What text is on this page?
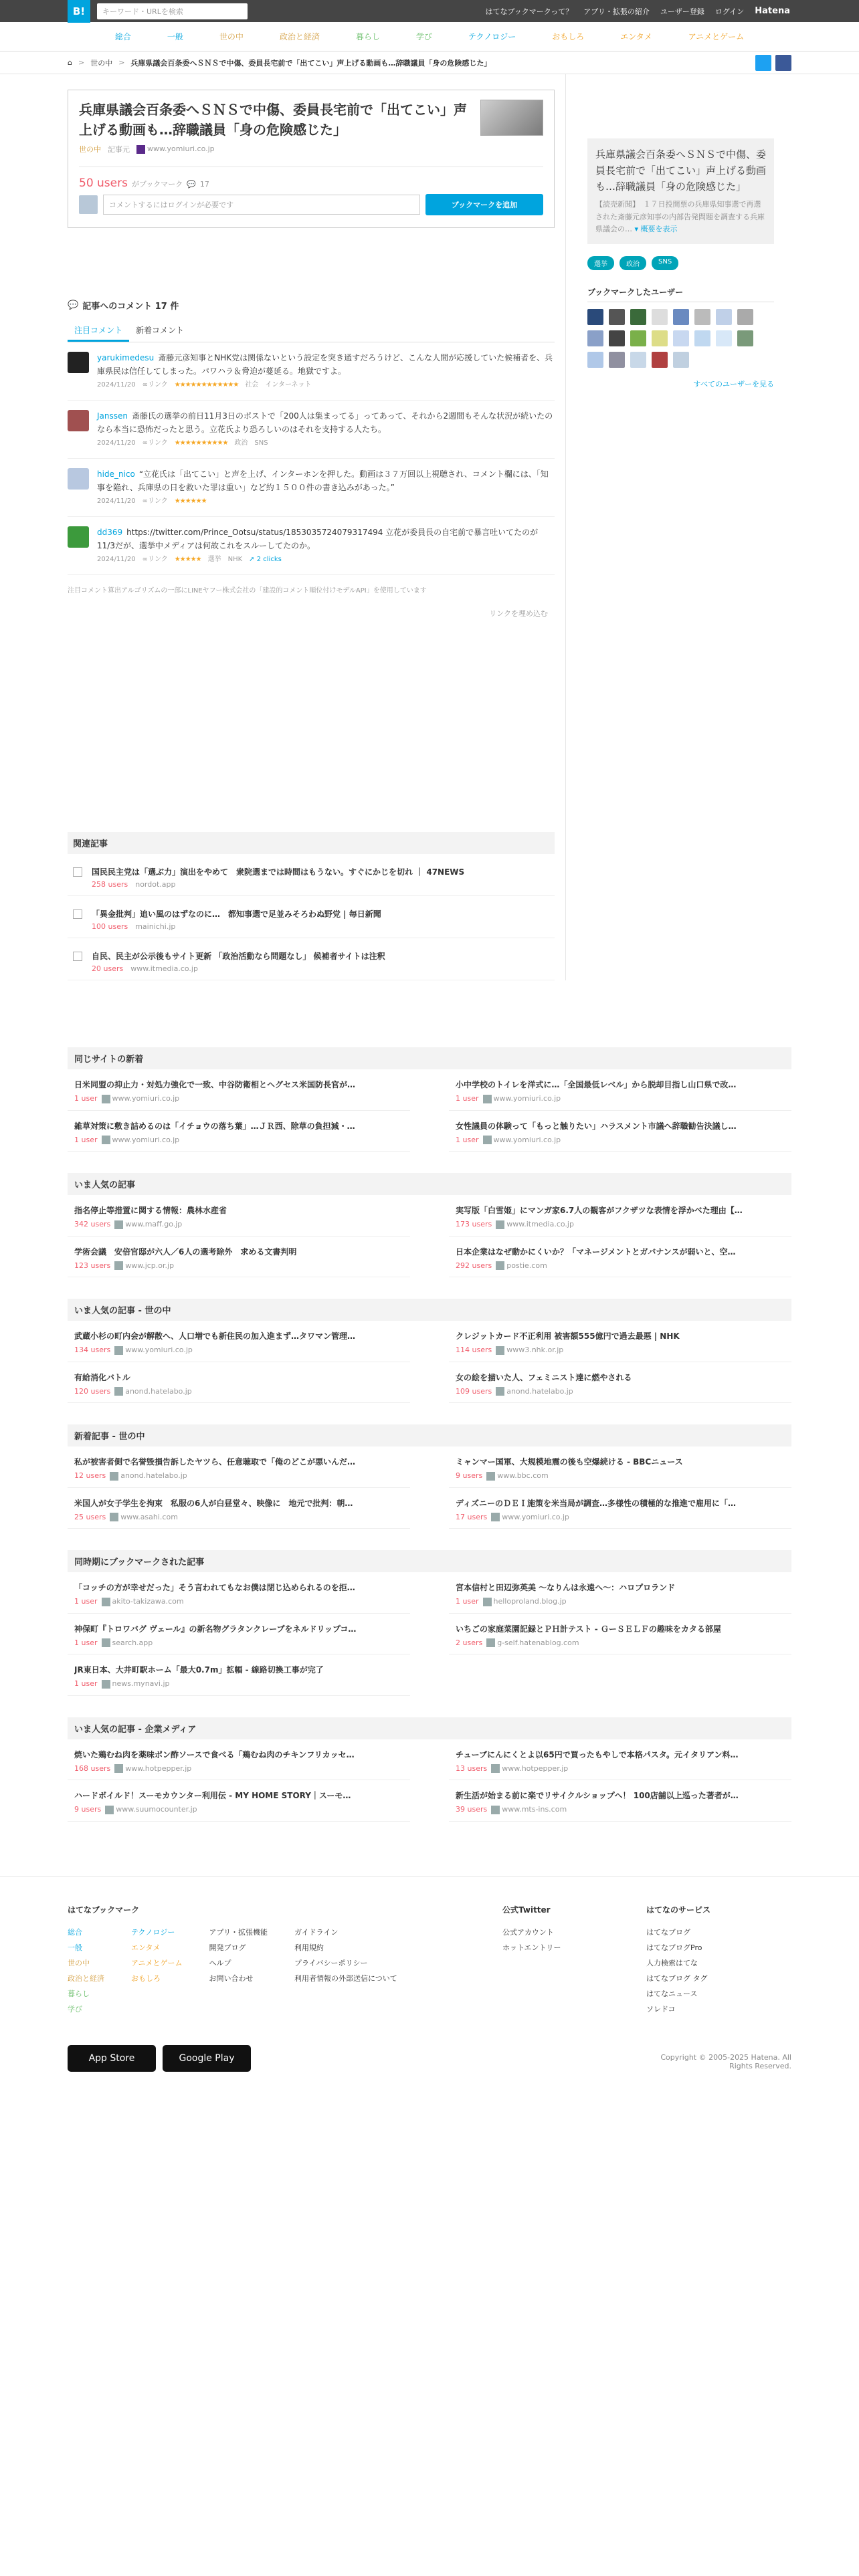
B!	キーワード・URLを検索	はてなブックマークって？ アプリ・拡張の紹介 ユーザー登録 ログイン Hatena
総合	一般	世の中	政治と経済	暮らし	学び	テクノロジー	おもしろ	エンタメ	アニメとゲーム
⌂ > 世の中 > 兵庫県議会百条委へＳＮＳで中傷、委員長宅前で「出てこい」声上げる動画も…辞職議員「身の危険感じた」
兵庫県議会百条委へＳＮＳで中傷、委員長宅前で「出てこい」声上げる動画も…辞職議員「身の危険感じた」
世の中 記事元	www.yomiuri.co.jp
50 users がブックマーク 💬 17
コメントするにはログインが必要です	ブックマークを追加
💬 記事へのコメント 17 件
注目コメント	新着コメント
yarukimedesu 斎藤元彦知事とNHK党は関係ないという設定を突き通すだろうけど、こんな人間が応援していた候補者を、兵庫県民は信任してしまった。パワハラ＆脅迫が蔓延る。地獄ですよ。
2024/11/20　∞リンク　★★★★★★★★★★★★　社会　インターネット
Janssen 斎藤氏の選挙の前日11月3日のポストで「200人は集まってる」ってあって、それから2週間もそんな状況が続いたのなら本当に恐怖だったと思う。立花氏より恐ろしいのはそれを支持する人たち。
2024/11/20　∞リンク　★★★★★★★★★★　政治　SNS
hide_nico “立花氏は「出てこい」と声を上げ、インターホンを押した。動画は３７万回以上視聴され、コメント欄には、「知事を陥れ、兵庫県の日を救いた罪は重い」など約１５００件の書き込みがあった。”
2024/11/20　∞リンク　★★★★★★
dd369 https://twitter.com/Prince_Ootsu/status/1853035724079317494 立花が委員長の自宅前で暴言吐いてたのが11/3だが、選挙中メディアは何故これをスルーしてたのか。
2024/11/20　∞リンク　★★★★★　選挙　NHK　➚ 2 clicks
注目コメント算出アルゴリズムの一部にLINEヤフー株式会社の「建設的コメント順位付けモデルAPI」を使用しています
リンクを埋め込む
関連記事
国民民主党は「選ぶ力」演出をやめて　衆院選までは時間はもうない。すぐにかじを切れ ｜ 47NEWS
258 users　nordot.app
「異金批判」追い風のはずなのに…　都知事選で足並みそろわぬ野党 | 毎日新聞
100 users　mainichi.jp
自民、民主が公示後もサイト更新 「政治活動なら問題なし」 候補者サイトは注釈
20 users　www.itmedia.co.jp
兵庫県議会百条委へＳＮＳで中傷、委員長宅前で「出てこい」声上げる動画も…辞職議員「身の危険感じた」
【読売新聞】　１７日投開票の兵庫県知事選で再選された斎藤元彦知事の内部告発問題を調査する兵庫県議会の… ▾ 概要を表示
選挙	政治	SNS
ブックマークしたユーザー
すべてのユーザーを見る
同じサイトの新着
日米同盟の抑止力・対処力強化で一致、中谷防衛相とヘグセス米国防長官が…
1 user www.yomiuri.co.jp
小中学校のトイレを洋式に…「全国最低レベル」から脱却目指し山口県で改…
1 user www.yomiuri.co.jp
雑草対策に敷き詰めるのは「イチョウの落ち葉」…ＪＲ西、除草の負担減・…
1 user www.yomiuri.co.jp
女性議員の体験って「もっと触りたい」ハラスメント市議へ辞職勧告決議し…
1 user www.yomiuri.co.jp
いま人気の記事
指名停止等措置に関する情報：農林水産省
342 users www.maff.go.jp
実写版「白雪姫」にマンガ家6.7人の観客がフクザツな表情を浮かべた理由【…
173 users www.itmedia.co.jp
学術会議　安倍官邸が六人／6人の選考除外　求める文書判明
123 users www.jcp.or.jp
日本企業はなぜ動かにくいか？「マネージメントとガバナンスが弱いと、空…
292 users postie.com
いま人気の記事 - 世の中
武蔵小杉の町内会が解散へ、人口増でも新住民の加入進まず…タワマン管理…
134 users www.yomiuri.co.jp
クレジットカード不正利用 被害額555億円で過去最悪 | NHK
114 users www3.nhk.or.jp
有給消化バトル
120 users anond.hatelabo.jp
女の絵を描いた人、フェミニスト達に燃やされる
109 users anond.hatelabo.jp
新着記事 - 世の中
私が被害者側で名誉毀損告訴したヤツら、任意聴取で「俺のどこが悪いんだ…
12 users anond.hatelabo.jp
ミャンマー国軍、大規模地震の後も空爆続ける - BBCニュース
9 users www.bbc.com
米国人が女子学生を拘束　私服の6人が白昼堂々、映像に　地元で批判：朝…
25 users www.asahi.com
ディズニーのＤＥＩ施策を米当局が調査…多様性の積極的な推進で雇用に「…
17 users www.yomiuri.co.jp
同時期にブックマークされた記事
「コッチの方が幸せだった」そう言われてもなお僕は閉じ込められるのを拒…
1 user akito-takizawa.com
宮本信村と田辺弥英美 〜なりんは永遠へ〜：ハロプロランド
1 user helloproland.blog.jp
神保町『トロワバグ ヴェール』の新名物グラタンクレープをネルドリップコ…
1 user search.app
いちごの家庭菜園記録とＰＨ計テスト - ＧーＳＥＬＦの趣味をカタる部屋
2 users g-self.hatenablog.com
JR東日本、大井町駅ホーム「最大0.7m」拡幅 - 線路切換工事が完了
1 user news.mynavi.jp
いま人気の記事 - 企業メディア
焼いた鶏むね肉を薬味ポン酢ソースで食べる「鶏むね肉のチキンフリカッセ…
168 users www.hotpepper.jp
チューブにんにくとよ以65円で買ったもやしで本格パスタ。元イタリアン料…
13 users www.hotpepper.jp
ハードボイルド！スーモカウンター利用伝 - MY HOME STORY｜スーモ…
9 users www.suumocounter.jp
新生活が始まる前に楽でリサイクルショップへ！ 100店舗以上巡った著者が…
39 users www.mts-ins.com
はてなブックマーク
総合
一般
世の中
政治と経済
暮らし
学び
テクノロジー
エンタメ
アニメとゲーム
おもしろ
アプリ・拡張機能
開発ブログ
ヘルプ
お問い合わせ
ガイドライン
利用規約
プライバシーポリシー
利用者情報の外部送信について
App Store	Google Play
公式Twitter
公式アカウント
ホットエントリー
はてなのサービス
はてなブログ
はてなブログPro
人力検索はてな
はてなブログ タグ
はてなニュース
ソレドコ
Copyright © 2005-2025 Hatena. All Rights Reserved.
